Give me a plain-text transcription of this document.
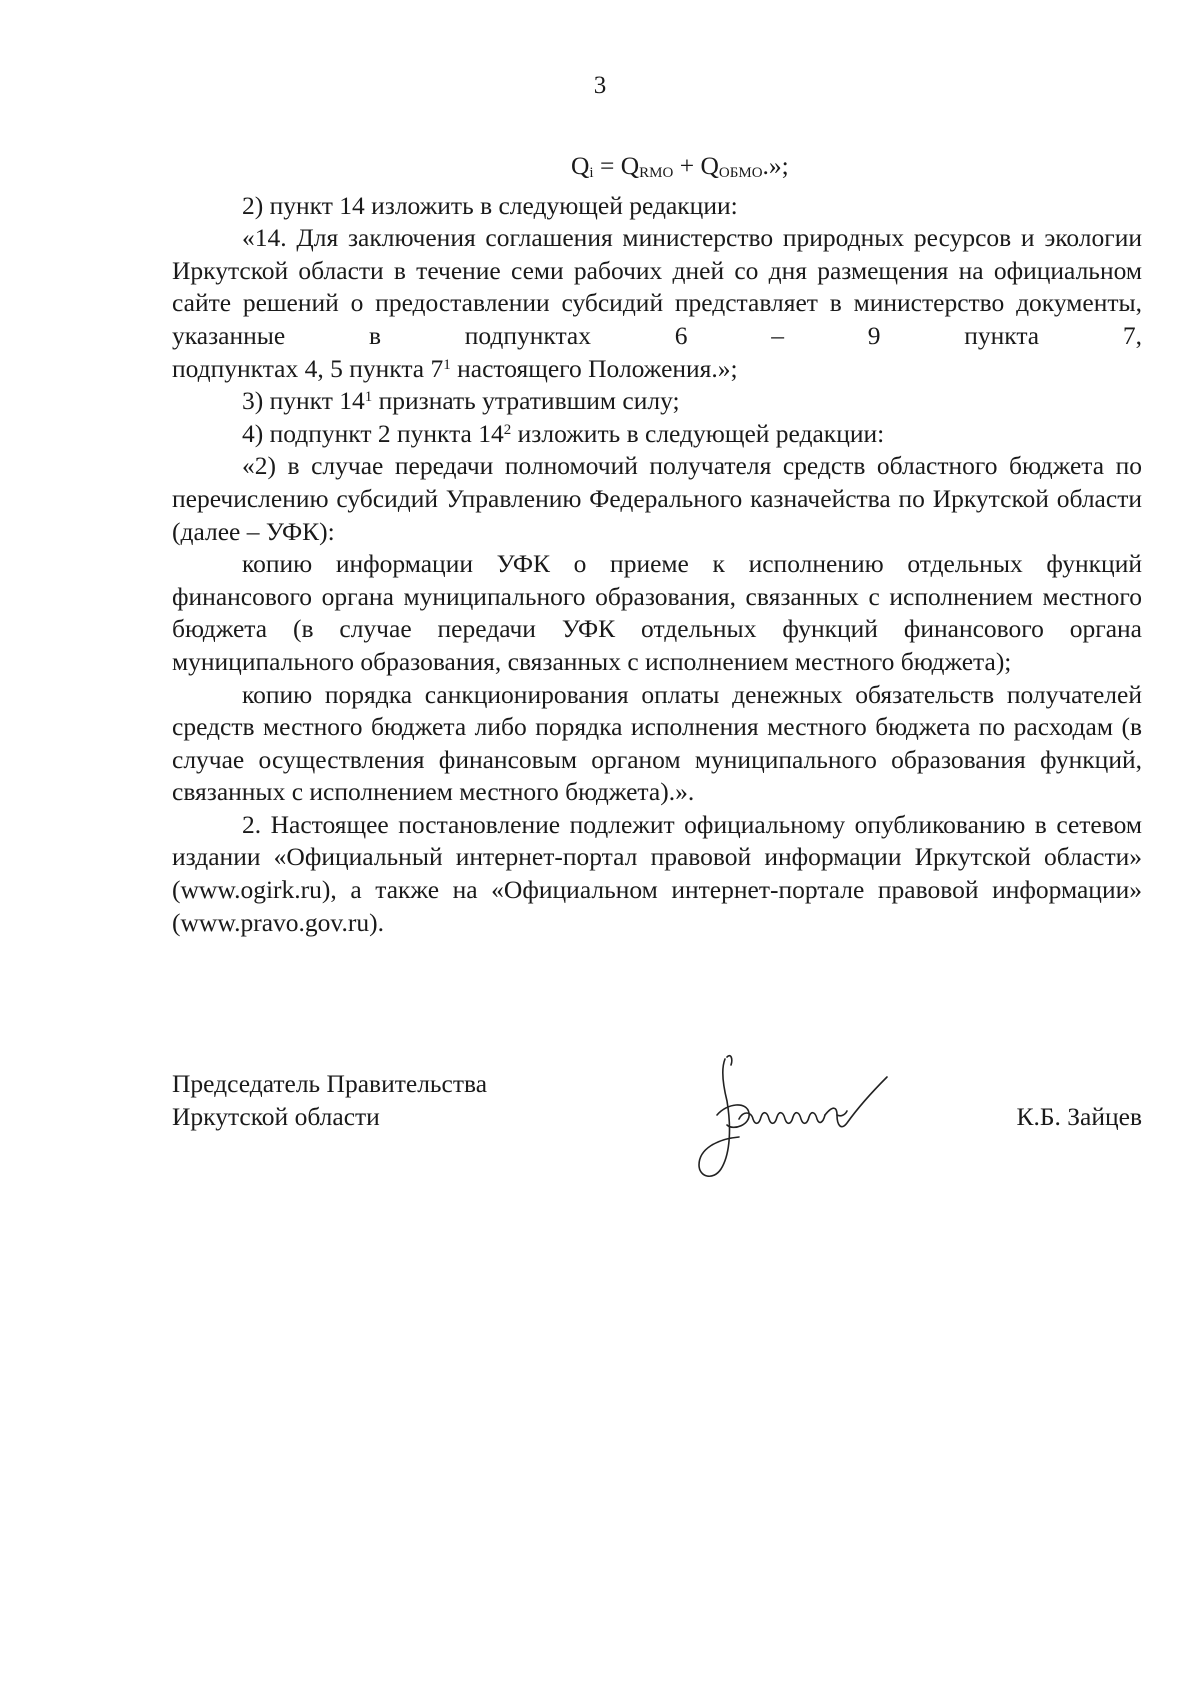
3

$Q_i = Q_{RМО} + Q_{ОБМО}$.»;

2) пункт 14 изложить в следующей редакции:

«14. Для заключения соглашения министерство природных ресурсов и экологии Иркутской области в течение семи рабочих дней со дня размещения на официальном сайте решений о предоставлении субсидий представляет в министерство документы, указанные в подпунктах 6 – 9 пункта 7,

подпунктах 4, 5 пункта $7^1$ настоящего Положения.»;

3) пункт $14^1$ признать утратившим силу;

4) подпункт 2 пункта $14^2$ изложить в следующей редакции:

«2) в случае передачи полномочий получателя средств областного бюджета по перечислению субсидий Управлению Федерального казначейства по Иркутской области (далее – УФК):

копию информации УФК о приеме к исполнению отдельных функций финансового органа муниципального образования, связанных с исполнением местного бюджета (в случае передачи УФК отдельных функций финансового органа муниципального образования, связанных с исполнением местного бюджета);

копию порядка санкционирования оплаты денежных обязательств получателей средств местного бюджета либо порядка исполнения местного бюджета по расходам (в случае осуществления финансовым органом муниципального образования функций, связанных с исполнением местного бюджета).».

2. Настоящее постановление подлежит официальному опубликованию в сетевом издании «Официальный интернет-портал правовой информации Иркутской области» (www.ogirk.ru), а также на «Официальном интернет-портале правовой информации» (www.pravo.gov.ru).

Председатель Правительства
Иркутской области	К.Б. Зайцев
